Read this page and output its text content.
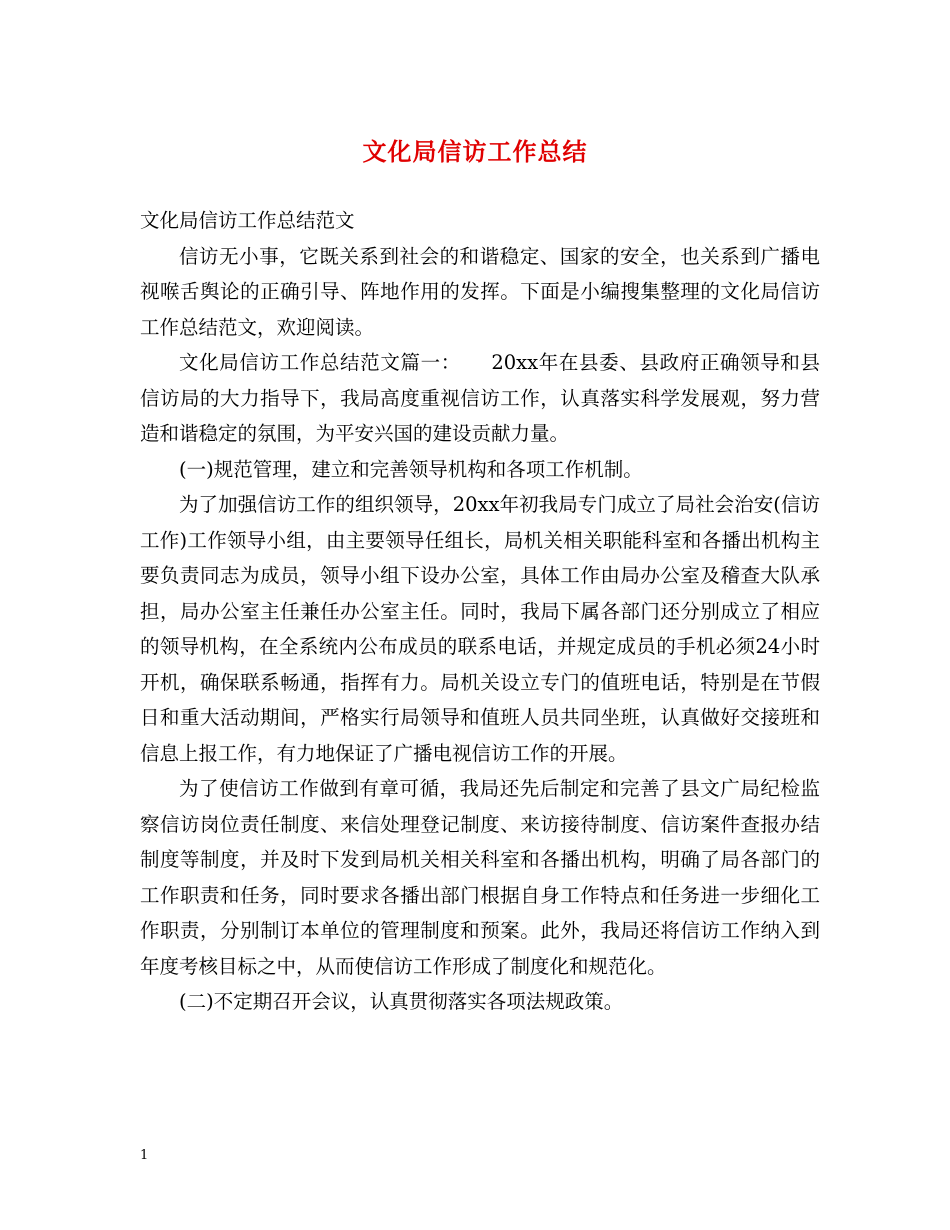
文化局信访工作总结

文化局信访工作总结范文

信访无小事，它既关系到社会的和谐稳定、国家的安全，也关系到广播电视喉舌舆论的正确引导、阵地作用的发挥。下面是小编搜集整理的文化局信访工作总结范文，欢迎阅读。

文化局信访工作总结范文篇一：　　20xx年在县委、县政府正确领导和县信访局的大力指导下，我局高度重视信访工作，认真落实科学发展观，努力营造和谐稳定的氛围，为平安兴国的建设贡献力量。

(一)规范管理，建立和完善领导机构和各项工作机制。

为了加强信访工作的组织领导，20xx年初我局专门成立了局社会治安(信访工作)工作领导小组，由主要领导任组长，局机关相关职能科室和各播出机构主要负责同志为成员，领导小组下设办公室，具体工作由局办公室及稽查大队承担，局办公室主任兼任办公室主任。同时，我局下属各部门还分别成立了相应的领导机构，在全系统内公布成员的联系电话，并规定成员的手机必须24小时开机，确保联系畅通，指挥有力。局机关设立专门的值班电话，特别是在节假日和重大活动期间，严格实行局领导和值班人员共同坐班，认真做好交接班和信息上报工作，有力地保证了广播电视信访工作的开展。

为了使信访工作做到有章可循，我局还先后制定和完善了县文广局纪检监察信访岗位责任制度、来信处理登记制度、来访接待制度、信访案件查报办结制度等制度，并及时下发到局机关相关科室和各播出机构，明确了局各部门的工作职责和任务，同时要求各播出部门根据自身工作特点和任务进一步细化工作职责，分别制订本单位的管理制度和预案。此外，我局还将信访工作纳入到年度考核目标之中，从而使信访工作形成了制度化和规范化。

(二)不定期召开会议，认真贯彻落实各项法规政策。

1
